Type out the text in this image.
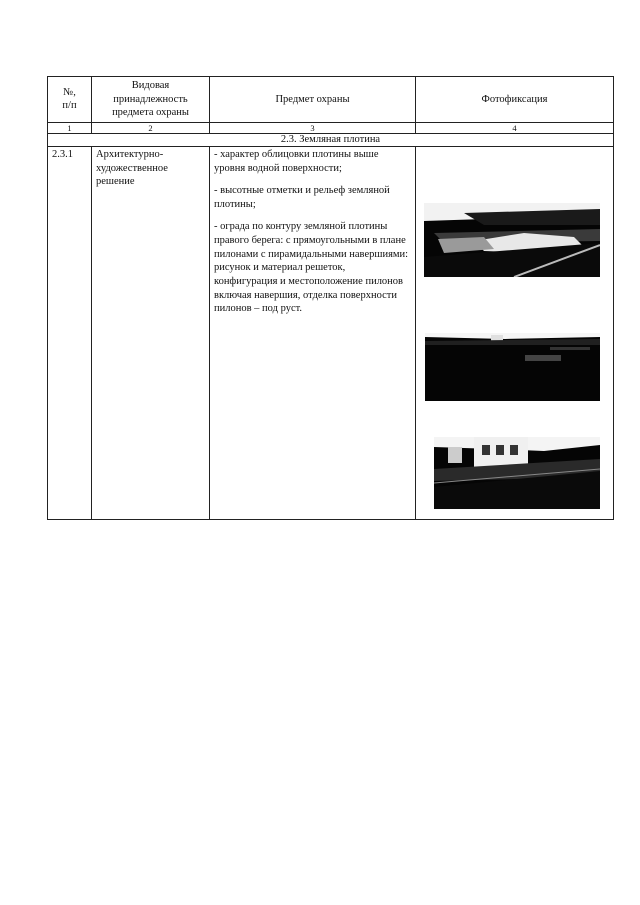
№,
п/п	Видовая принадлежность предмета охраны	Предмет охраны	Фотофиксация
1	2	3	4
2.3. Земляная плотина			
2.3.1	Архитектурно-художественное решение	- характер облицовки плотины выше уровня водной поверхности;
- высотные отметки и рельеф земляной плотины;
- ограда по контуру земляной плотины правого берега: с прямоугольными в плане пилонами с пирамидальными навершиями: рисунок и материал решеток, конфигурация и местоположение пилонов включая навершия, отделка поверхности пилонов – под руст.
